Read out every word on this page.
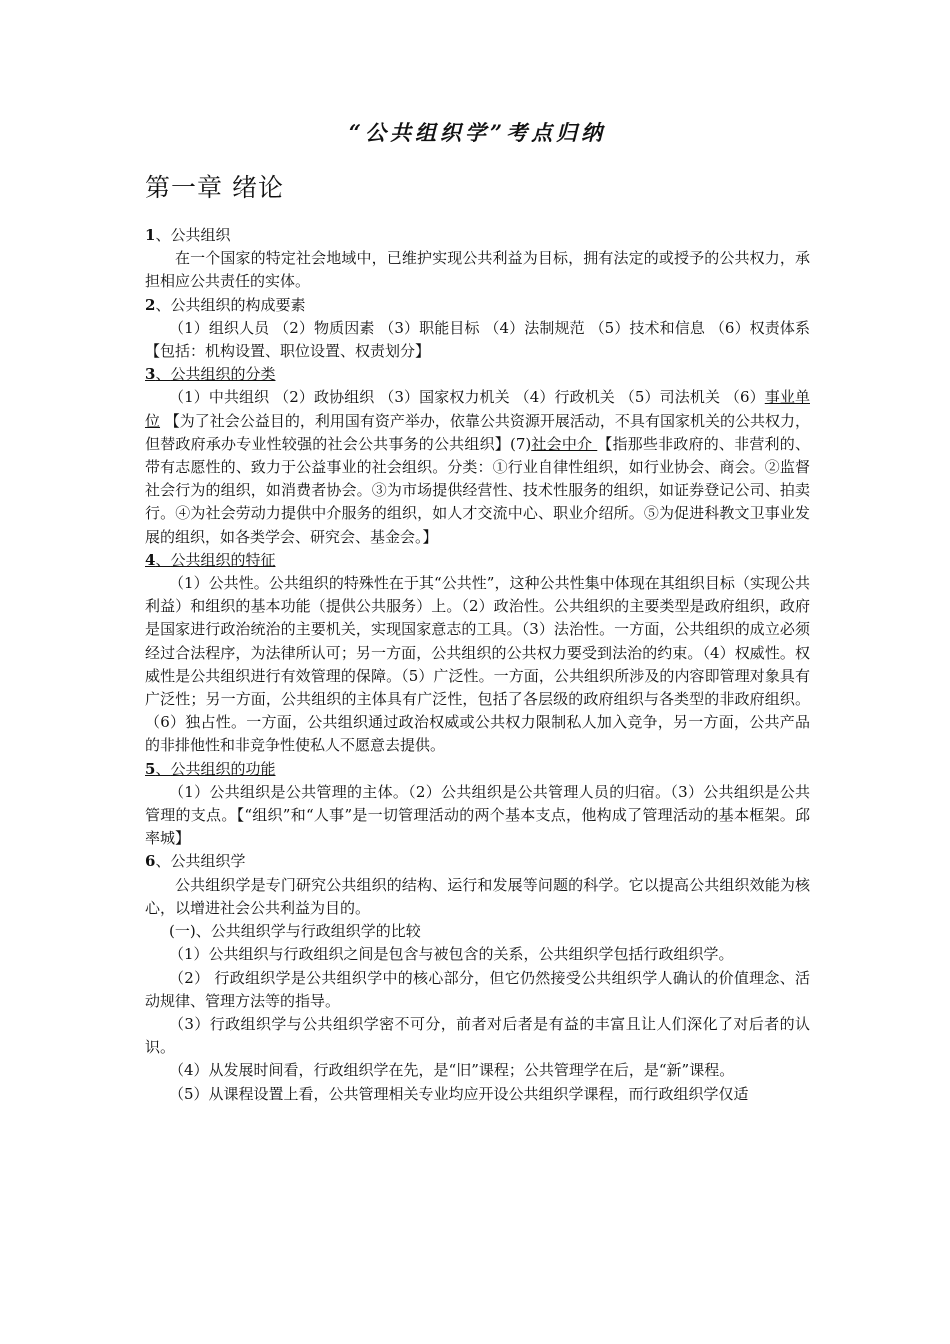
“公共组织学”考点归纳
第一章 绪论
1、公共组织

在一个国家的特定社会地域中，已维护实现公共利益为目标，拥有法定的或授予的公共权力，承担相应公共责任的实体。

2、公共组织的构成要素

（1）组织人员 （2）物质因素 （3）职能目标 （4）法制规范 （5）技术和信息 （6）权责体系【包括：机构设置、职位设置、权责划分】

3、公共组织的分类

（1）中共组织 （2）政协组织 （3）国家权力机关 （4）行政机关 （5）司法机关 （6）事业单位 【为了社会公益目的，利用国有资产举办，依靠公共资源开展活动，不具有国家机关的公共权力，但替政府承办专业性较强的社会公共事务的公共组织】(7)社会中介 【指那些非政府的、非营利的、带有志愿性的、致力于公益事业的社会组织。分类：①行业自律性组织，如行业协会、商会。②监督社会行为的组织，如消费者协会。③为市场提供经营性、技术性服务的组织，如证券登记公司、拍卖行。④为社会劳动力提供中介服务的组织，如人才交流中心、职业介绍所。⑤为促进科教文卫事业发展的组织，如各类学会、研究会、基金会。】

4、公共组织的特征

（1）公共性。公共组织的特殊性在于其“公共性”，这种公共性集中体现在其组织目标（实现公共利益）和组织的基本功能（提供公共服务）上。（2）政治性。公共组织的主要类型是政府组织，政府是国家进行政治统治的主要机关，实现国家意志的工具。（3）法治性。一方面，公共组织的成立必须经过合法程序，为法律所认可；另一方面，公共组织的公共权力要受到法治的约束。（4）权威性。权威性是公共组织进行有效管理的保障。（5）广泛性。一方面，公共组织所涉及的内容即管理对象具有广泛性；另一方面，公共组织的主体具有广泛性，包括了各层级的政府组织与各类型的非政府组织。（6）独占性。一方面，公共组织通过政治权威或公共权力限制私人加入竞争，另一方面，公共产品的非排他性和非竞争性使私人不愿意去提供。

5、公共组织的功能

（1）公共组织是公共管理的主体。（2）公共组织是公共管理人员的归宿。（3）公共组织是公共管理的支点。【“组织”和“人事”是一切管理活动的两个基本支点，他构成了管理活动的基本框架。邱率城】

6、公共组织学

公共组织学是专门研究公共组织的结构、运行和发展等问题的科学。它以提高公共组织效能为核心，以增进社会公共利益为目的。

(一)、公共组织学与行政组织学的比较

（1）公共组织与行政组织之间是包含与被包含的关系，公共组织学包括行政组织学。

（2） 行政组织学是公共组织学中的核心部分，但它仍然接受公共组织学人确认的价值理念、活动规律、管理方法等的指导。

（3）行政组织学与公共组织学密不可分，前者对后者是有益的丰富且让人们深化了对后者的认识。

（4）从发展时间看，行政组织学在先，是“旧”课程；公共管理学在后，是“新”课程。

（5）从课程设置上看，公共管理相关专业均应开设公共组织学课程，而行政组织学仅适
